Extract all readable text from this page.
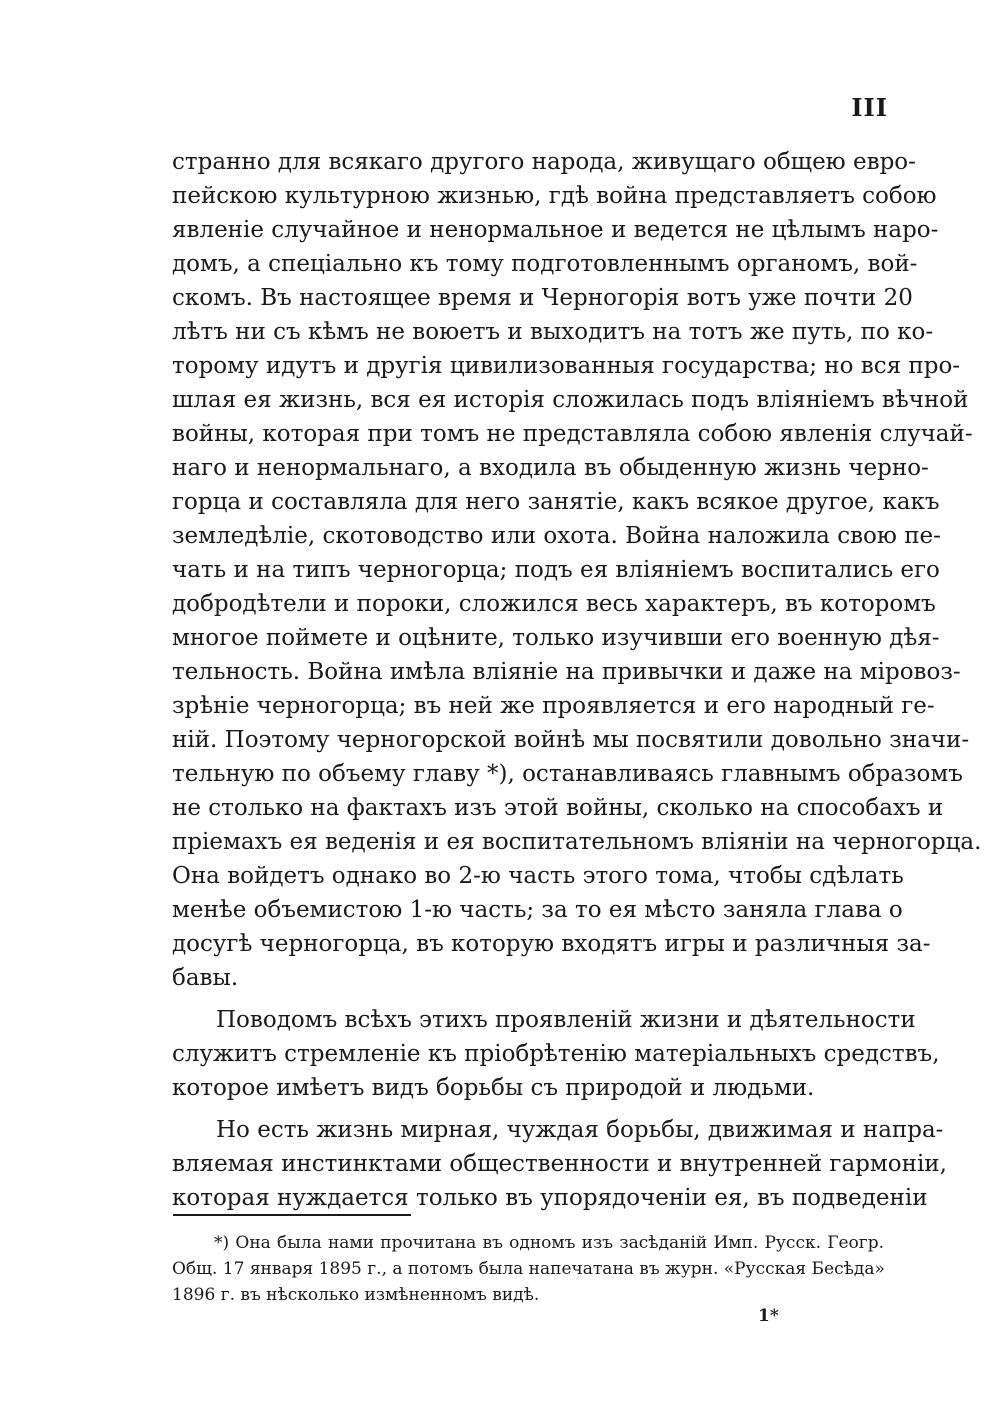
III
странно для всякаго другого народа, живущаго общею евро-
пейскою культурною жизнью, гдѣ война представляетъ собою
явленіе случайное и ненормальное и ведется не цѣлымъ наро-
домъ, а спеціально къ тому подготовленнымъ органомъ, вой-
скомъ. Въ настоящее время и Черногорія вотъ уже почти 20
лѣтъ ни съ кѣмъ не воюетъ и выходитъ на тотъ же путь, по ко-
торому идутъ и другія цивилизованныя государства; но вся про-
шлая ея жизнь, вся ея исторія сложилась подъ вліяніемъ вѣчной
войны, которая при томъ не представляла собою явленія случай-
наго и ненормальнаго, а входила въ обыденную жизнь черно-
горца и составляла для него занятіе, какъ всякое другое, какъ
земледѣліе, скотоводство или охота. Война наложила свою пе-
чать и на типъ черногорца; подъ ея вліяніемъ воспитались его
добродѣтели и пороки, сложился весь характеръ, въ которомъ
многое поймете и оцѣните, только изучивши его военную дѣя-
тельность. Война имѣла вліяніе на привычки и даже на міровоз-
зрѣніе черногорца; въ ней же проявляется и его народный ге-
ній. Поэтому черногорской войнѣ мы посвятили довольно значи-
тельную по объему главу *), останавливаясь главнымъ образомъ
не столько на фактахъ изъ этой войны, сколько на способахъ и
пріемахъ ея веденія и ея воспитательномъ вліяніи на черногорца.
Она войдетъ однако во 2-ю часть этого тома, чтобы сдѣлать
менѣе объемистою 1-ю часть; за то ея мѣсто заняла глава о
досугѣ черногорца, въ которую входятъ игры и различныя за-
бавы.
Поводомъ всѣхъ этихъ проявленій жизни и дѣятельности
служитъ стремленіе къ пріобрѣтенію матеріальныхъ средствъ,
которое имѣетъ видъ борьбы съ природой и людьми.
Но есть жизнь мирная, чуждая борьбы, движимая и напра-
вляемая инстинктами общественности и внутренней гармоніи,
которая нуждается только въ упорядоченіи ея, въ подведеніи
*) Она была нами прочитана въ одномъ изъ засѣданій Имп. Русск. Геогр.
Общ. 17 января 1895 г., а потомъ была напечатана въ журн. «Русская Бесѣда»
1896 г. въ нѣсколько измѣненномъ видѣ.
1*
